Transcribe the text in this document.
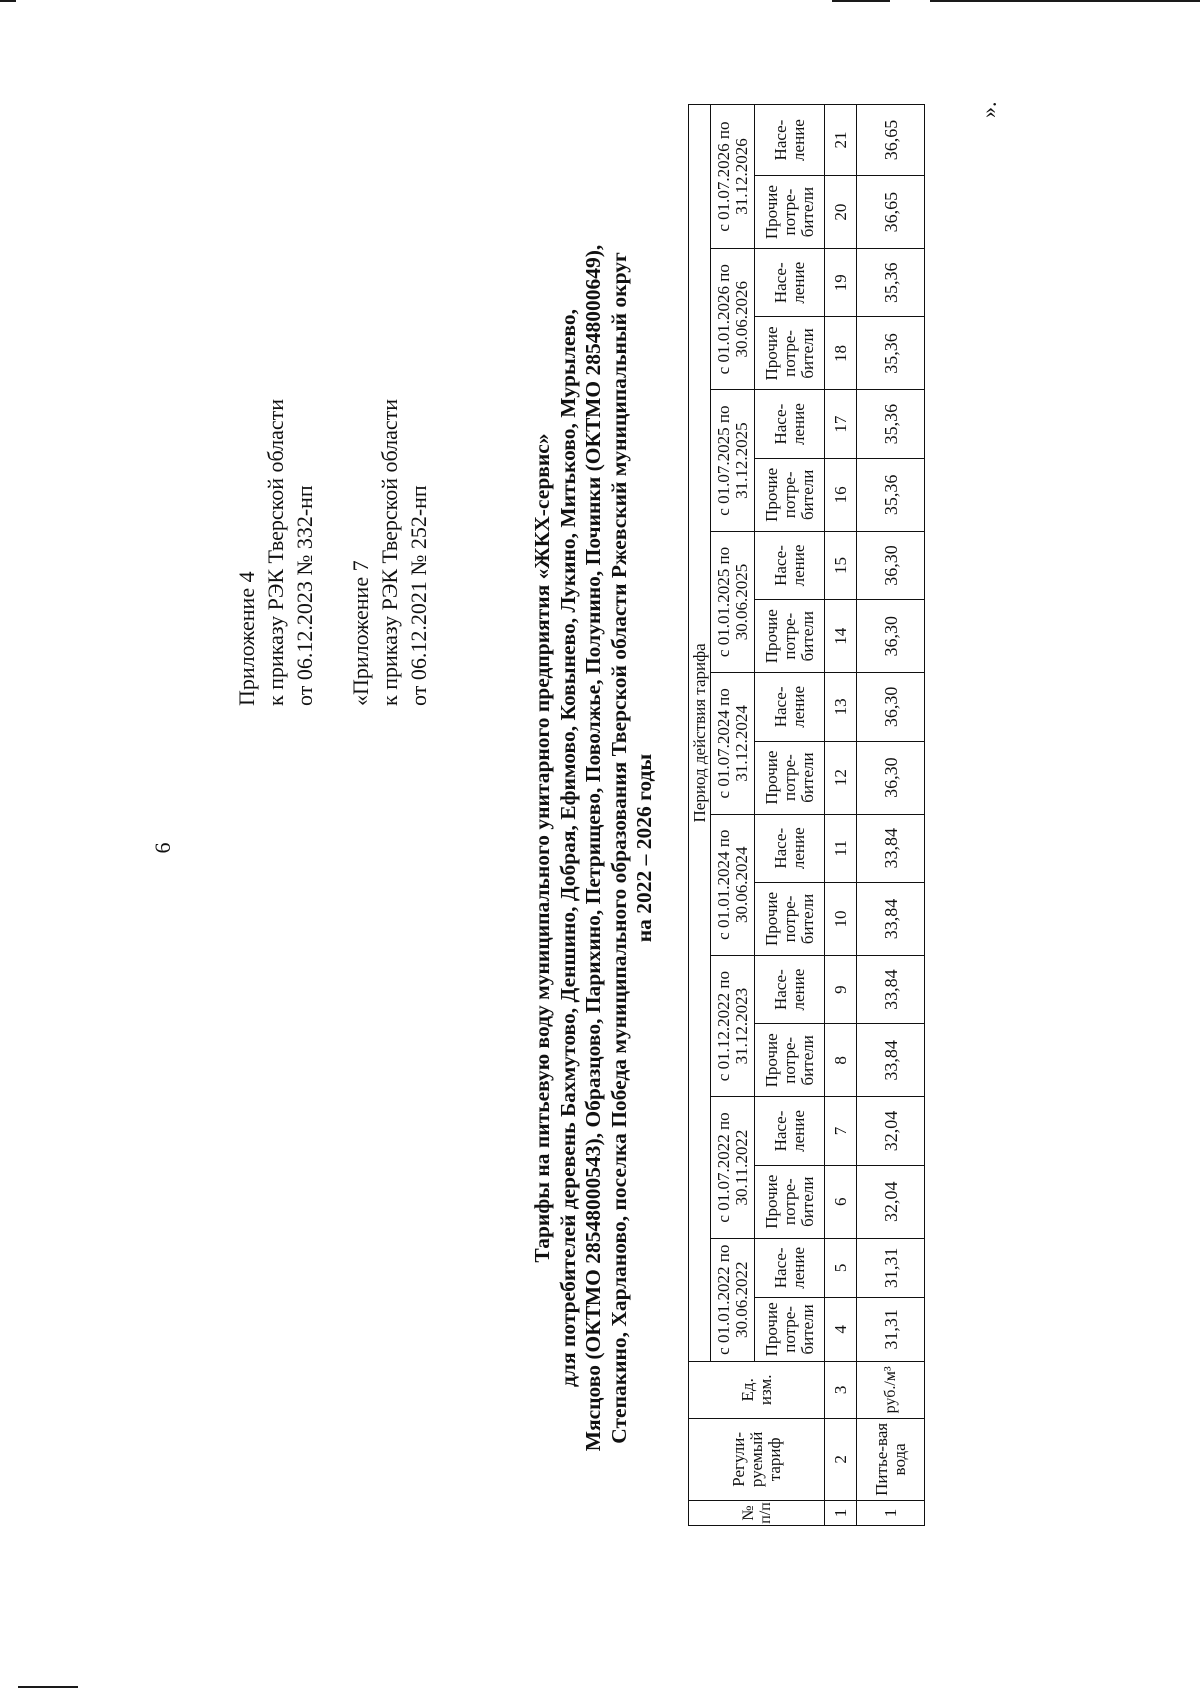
6
Приложение 4 к приказу РЭК Тверской области от 06.12.2023 № 332-нп «Приложение 7 к приказу РЭК Тверской области от 06.12.2021 № 252-нп	Тарифы на питьевую воду муниципального унитарного предприятия «ЖКХ-сервис» для потребителей деревень Бахмутово, Деншино, Добрая, Ефимово, Ковынево, Лукино, Митьково, Мурылево, Мясцово (ОКТМО 28548000543), Образцово, Парихино, Петрищево, Поволжье, Полунино, Починки (ОКТМО 28548000649), Степакино, Харланово, поселка Победа муниципального образования Тверской области Ржевский муниципальный округ на 2022 – 2026 годы
№ п/п	Регули-руемый тариф	Ед. изм.	Период действия тарифа																	
			с 01.01.2022 по 30.06.2022		с 01.07.2022 по 30.11.2022		с 01.12.2022 по 31.12.2023		с 01.01.2024 по 30.06.2024		с 01.07.2024 по 31.12.2024		с 01.01.2025 по 30.06.2025		с 01.07.2025 по 31.12.2025		с 01.01.2026 по 30.06.2026		с 01.07.2026 по 31.12.2026	
			Прочие потре-бители	Насе-ление	Прочие потре-бители	Насе-ление	Прочие потре-бители	Насе-ление	Прочие потре-бители	Насе-ление	Прочие потре-бители	Насе-ление	Прочие потре-бители	Насе-ление	Прочие потре-бители	Насе-ление	Прочие потре-бители	Насе-ление	Прочие потре-бители	Насе-ление
1	2	3	4	5	6	7	8	9	10	11	12	13	14	15	16	17	18	19	20	21
1	Питье-вая вода	руб./м³	31,31	31,31	32,04	32,04	33,84	33,84	33,84	33,84	36,30	36,30	36,30	36,30	35,36	35,36	35,36	35,36	36,65	36,65
».
